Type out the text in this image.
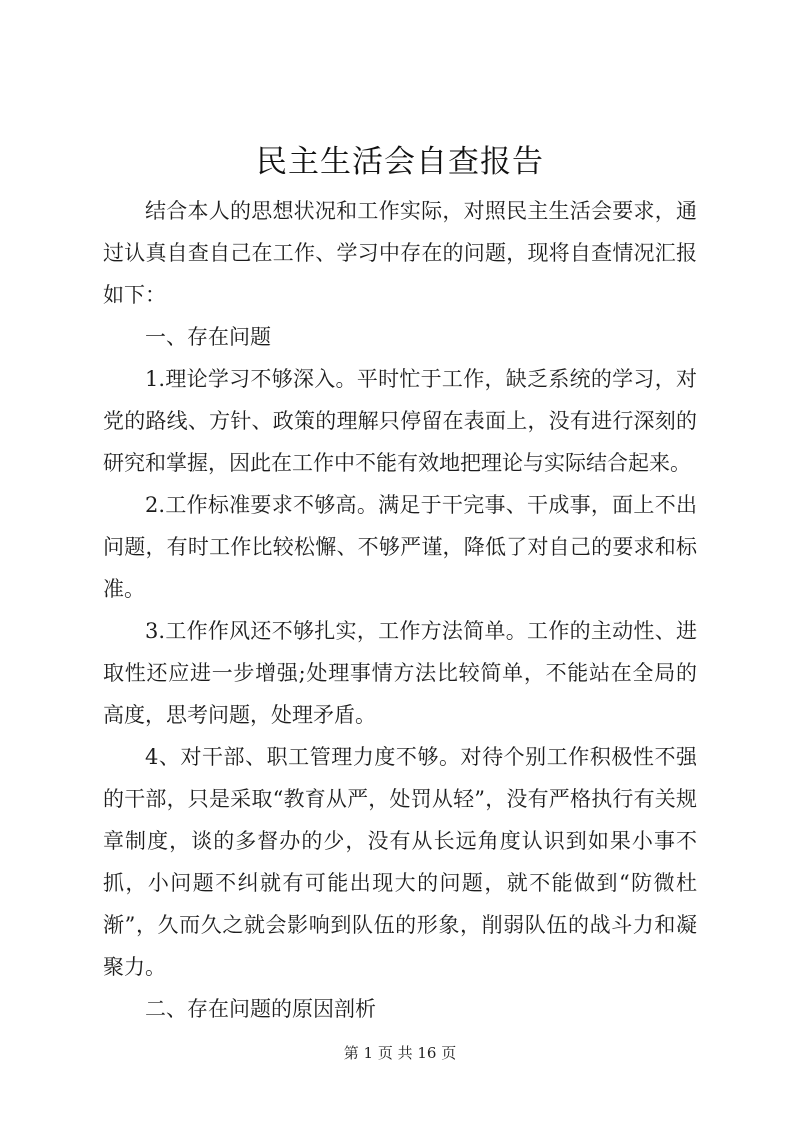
民主生活会自查报告

结合本人的思想状况和工作实际，对照民主生活会要求，通过认真自查自己在工作、学习中存在的问题，现将自查情况汇报如下：

一、存在问题

1.理论学习不够深入。平时忙于工作，缺乏系统的学习，对党的路线、方针、政策的理解只停留在表面上，没有进行深刻的研究和掌握，因此在工作中不能有效地把理论与实际结合起来。

2.工作标准要求不够高。满足于干完事、干成事，面上不出问题，有时工作比较松懈、不够严谨，降低了对自己的要求和标准。

3.工作作风还不够扎实，工作方法简单。工作的主动性、进取性还应进一步增强;处理事情方法比较简单，不能站在全局的高度，思考问题，处理矛盾。

4、对干部、职工管理力度不够。对待个别工作积极性不强的干部，只是采取“教育从严，处罚从轻”，没有严格执行有关规章制度，谈的多督办的少，没有从长远角度认识到如果小事不抓，小问题不纠就有可能出现大的问题，就不能做到“防微杜渐”，久而久之就会影响到队伍的形象，削弱队伍的战斗力和凝聚力。

二、存在问题的原因剖析

第 1 页 共 16 页
